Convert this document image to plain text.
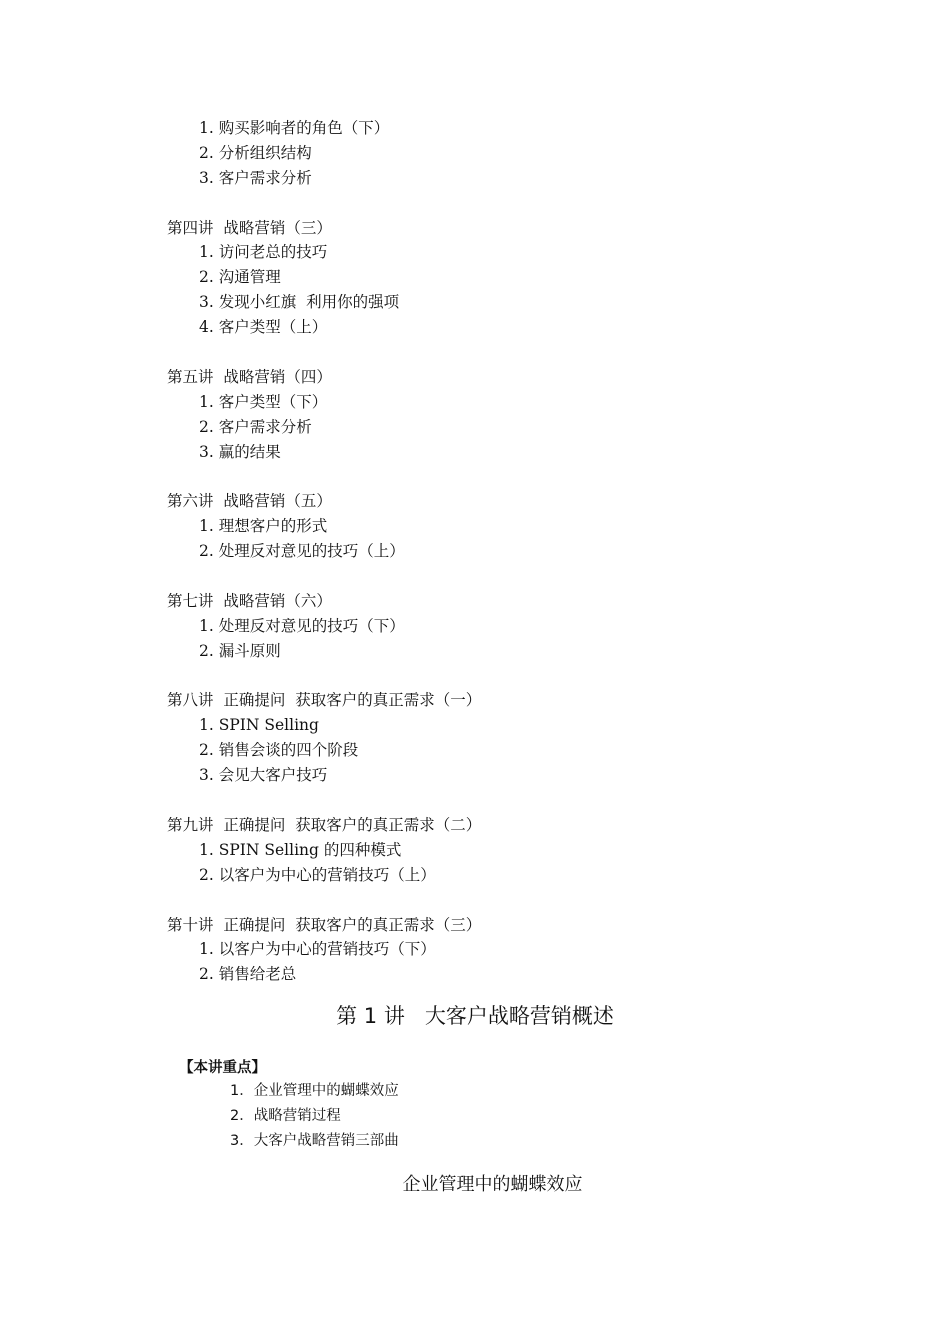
1. 购买影响者的角色（下）
2. 分析组织结构
3. 客户需求分析
第四讲  战略营销（三）
1. 访问老总的技巧
2. 沟通管理
3. 发现小红旗  利用你的强项
4. 客户类型（上）
第五讲  战略营销（四）
1. 客户类型（下）
2. 客户需求分析
3. 赢的结果
第六讲  战略营销（五）
1. 理想客户的形式
2. 处理反对意见的技巧（上）
第七讲  战略营销（六）
1. 处理反对意见的技巧（下）
2. 漏斗原则
第八讲  正确提问  获取客户的真正需求（一）
1. SPIN Selling
2. 销售会谈的四个阶段
3. 会见大客户技巧
第九讲  正确提问  获取客户的真正需求（二）
1. SPIN Selling 的四种模式
2. 以客户为中心的营销技巧（上）
第十讲  正确提问  获取客户的真正需求（三）
1. 以客户为中心的营销技巧（下）
2. 销售给老总
第 1 讲   大客户战略营销概述
【本讲重点】
1．企业管理中的蝴蝶效应
2．战略营销过程
3．大客户战略营销三部曲
企业管理中的蝴蝶效应
